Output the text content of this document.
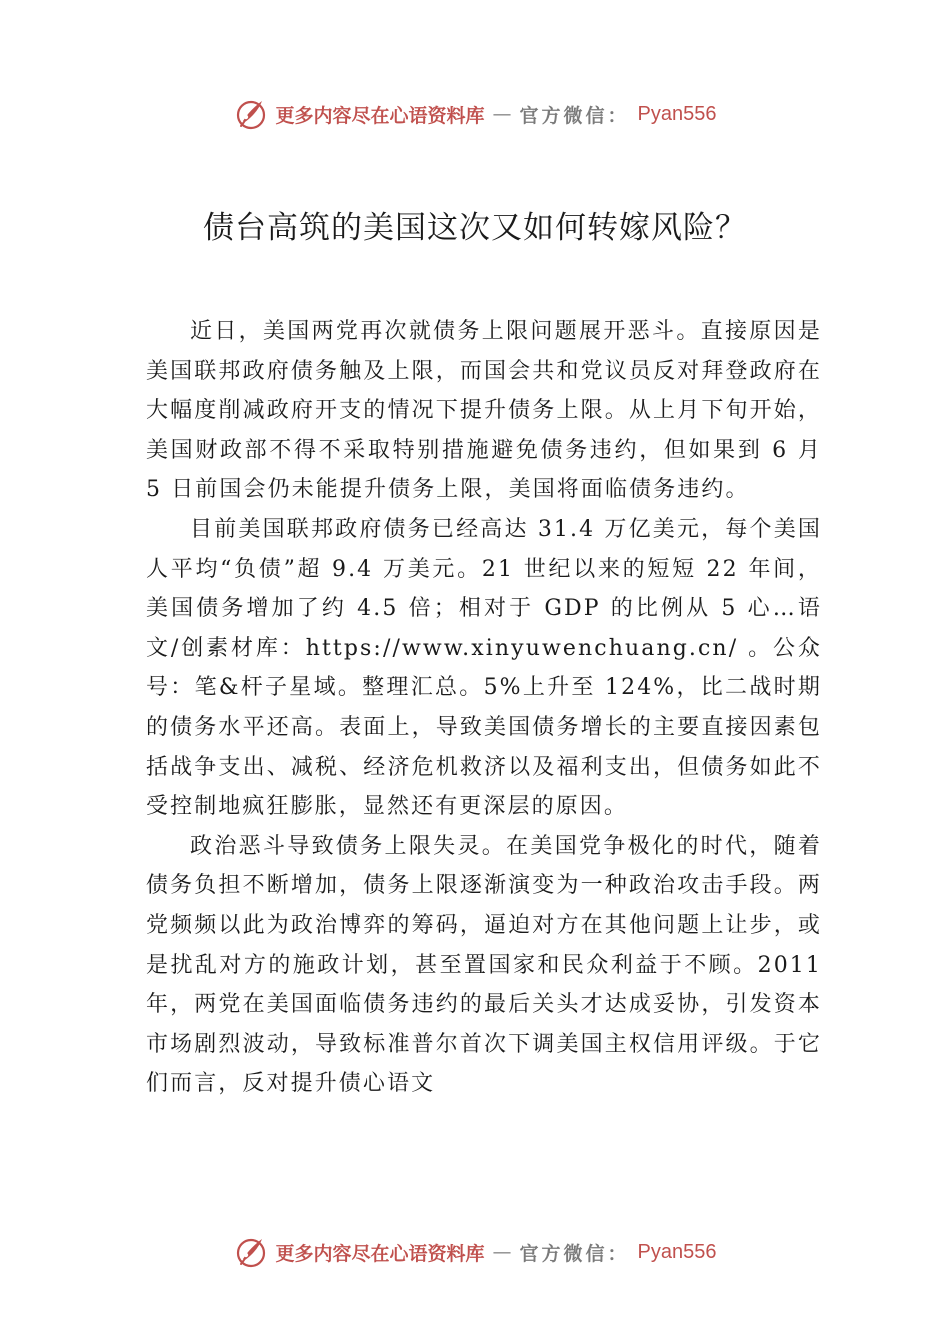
更多内容尽在心语资料库 — 官方微信： Pyan556
债台高筑的美国这次又如何转嫁风险？

近日，美国两党再次就债务上限问题展开恶斗。直接原因是美国联邦政府债务触及上限，而国会共和党议员反对拜登政府在大幅度削减政府开支的情况下提升债务上限。从上月下旬开始，美国财政部不得不采取特别措施避免债务违约，但如果到 6 月 5 日前国会仍未能提升债务上限，美国将面临债务违约。

目前美国联邦政府债务已经高达 31.4 万亿美元，每个美国人平均“负债”超 9.4 万美元。21 世纪以来的短短 22 年间，美国债务增加了约 4.5 倍；相对于 GDP 的比例从 5 心…语文/创素材库：https://www.xinyuwenchuang.cn/ 。公众号：笔&杆子星域。整理汇总。5%上升至 124%，比二战时期的债务水平还高。表面上，导致美国债务增长的主要直接因素包括战争支出、减税、经济危机救济以及福利支出，但债务如此不受控制地疯狂膨胀，显然还有更深层的原因。

政治恶斗导致债务上限失灵。在美国党争极化的时代，随着债务负担不断增加，债务上限逐渐演变为一种政治攻击手段。两党频频以此为政治博弈的筹码，逼迫对方在其他问题上让步，或是扰乱对方的施政计划，甚至置国家和民众利益于不顾。2011 年，两党在美国面临债务违约的最后关头才达成妥协，引发资本市场剧烈波动，导致标准普尔首次下调美国主权信用评级。于它们而言，反对提升债心语文

更多内容尽在心语资料库 — 官方微信： Pyan556
